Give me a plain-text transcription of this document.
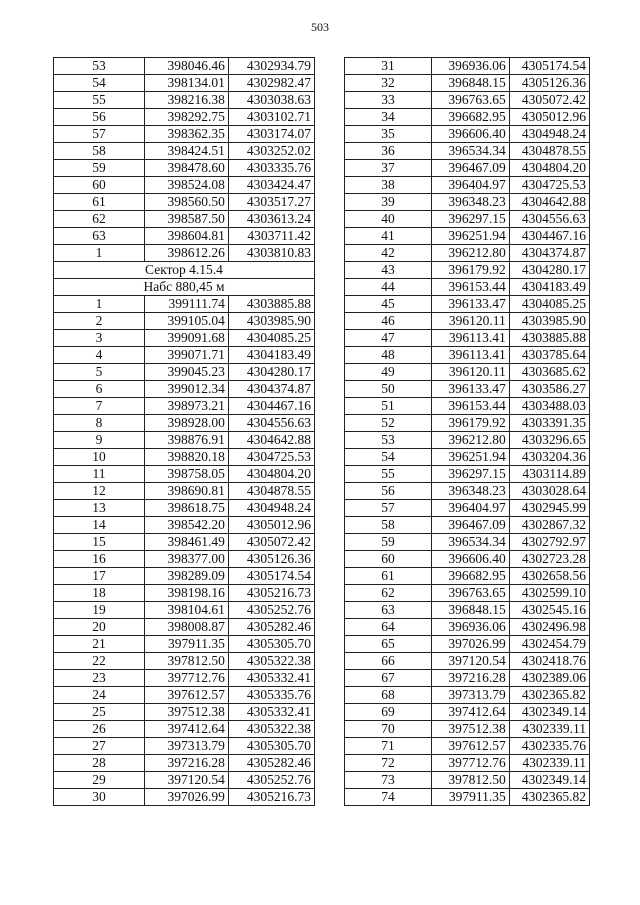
503
53	398046.46	4302934.79
54	398134.01	4302982.47
55	398216.38	4303038.63
56	398292.75	4303102.71
57	398362.35	4303174.07
58	398424.51	4303252.02
59	398478.60	4303335.76
60	398524.08	4303424.47
61	398560.50	4303517.27
62	398587.50	4303613.24
63	398604.81	4303711.42
1	398612.26	4303810.83
Сектор 4.15.4		
Набс 880,45 м		
1	399111.74	4303885.88
2	399105.04	4303985.90
3	399091.68	4304085.25
4	399071.71	4304183.49
5	399045.23	4304280.17
6	399012.34	4304374.87
7	398973.21	4304467.16
8	398928.00	4304556.63
9	398876.91	4304642.88
10	398820.18	4304725.53
11	398758.05	4304804.20
12	398690.81	4304878.55
13	398618.75	4304948.24
14	398542.20	4305012.96
15	398461.49	4305072.42
16	398377.00	4305126.36
17	398289.09	4305174.54
18	398198.16	4305216.73
19	398104.61	4305252.76
20	398008.87	4305282.46
21	397911.35	4305305.70
22	397812.50	4305322.38
23	397712.76	4305332.41
24	397612.57	4305335.76
25	397512.38	4305332.41
26	397412.64	4305322.38
27	397313.79	4305305.70
28	397216.28	4305282.46
29	397120.54	4305252.76
30	397026.99	4305216.73
31	396936.06	4305174.54
32	396848.15	4305126.36
33	396763.65	4305072.42
34	396682.95	4305012.96
35	396606.40	4304948.24
36	396534.34	4304878.55
37	396467.09	4304804.20
38	396404.97	4304725.53
39	396348.23	4304642.88
40	396297.15	4304556.63
41	396251.94	4304467.16
42	396212.80	4304374.87
43	396179.92	4304280.17
44	396153.44	4304183.49
45	396133.47	4304085.25
46	396120.11	4303985.90
47	396113.41	4303885.88
48	396113.41	4303785.64
49	396120.11	4303685.62
50	396133.47	4303586.27
51	396153.44	4303488.03
52	396179.92	4303391.35
53	396212.80	4303296.65
54	396251.94	4303204.36
55	396297.15	4303114.89
56	396348.23	4303028.64
57	396404.97	4302945.99
58	396467.09	4302867.32
59	396534.34	4302792.97
60	396606.40	4302723.28
61	396682.95	4302658.56
62	396763.65	4302599.10
63	396848.15	4302545.16
64	396936.06	4302496.98
65	397026.99	4302454.79
66	397120.54	4302418.76
67	397216.28	4302389.06
68	397313.79	4302365.82
69	397412.64	4302349.14
70	397512.38	4302339.11
71	397612.57	4302335.76
72	397712.76	4302339.11
73	397812.50	4302349.14
74	397911.35	4302365.82
